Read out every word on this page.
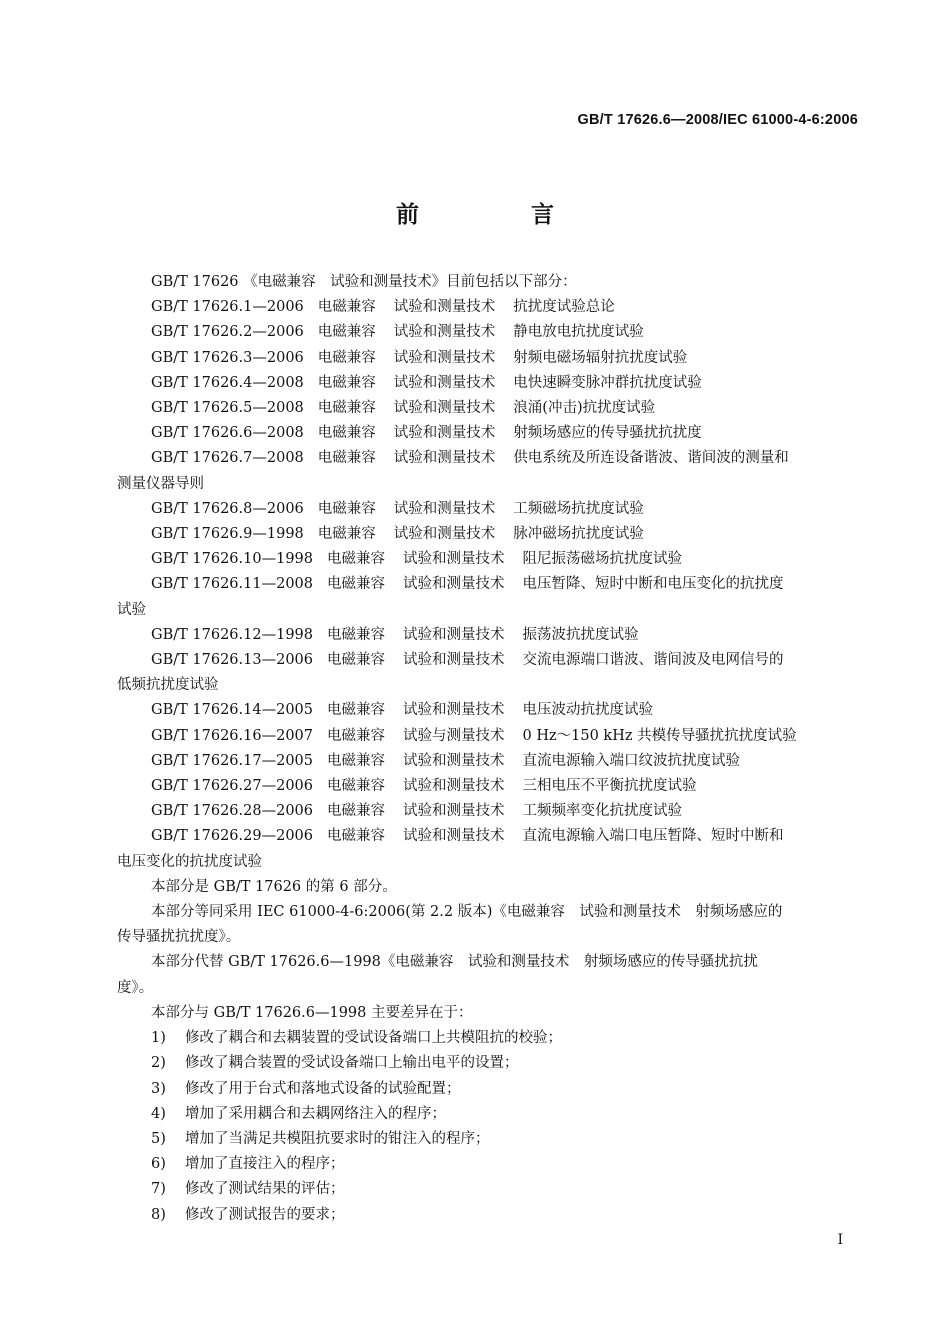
GB/T 17626.6—2008/IEC 61000-4-6:2006
前 言
GB/T 17626 《电磁兼容　试验和测量技术》目前包括以下部分：
GB/T 17626.1—2006 电磁兼容 试验和测量技术 抗扰度试验总论
GB/T 17626.2—2006 电磁兼容 试验和测量技术 静电放电抗扰度试验
GB/T 17626.3—2006 电磁兼容 试验和测量技术 射频电磁场辐射抗扰度试验
GB/T 17626.4—2008 电磁兼容 试验和测量技术 电快速瞬变脉冲群抗扰度试验
GB/T 17626.5—2008 电磁兼容 试验和测量技术 浪涌(冲击)抗扰度试验
GB/T 17626.6—2008 电磁兼容 试验和测量技术 射频场感应的传导骚扰抗扰度
GB/T 17626.7—2008 电磁兼容 试验和测量技术 供电系统及所连设备谐波、谐间波的测量和
测量仪器导则
GB/T 17626.8—2006 电磁兼容 试验和测量技术 工频磁场抗扰度试验
GB/T 17626.9—1998 电磁兼容 试验和测量技术 脉冲磁场抗扰度试验
GB/T 17626.10—1998 电磁兼容 试验和测量技术 阻尼振荡磁场抗扰度试验
GB/T 17626.11—2008 电磁兼容 试验和测量技术 电压暂降、短时中断和电压变化的抗扰度
试验
GB/T 17626.12—1998 电磁兼容 试验和测量技术 振荡波抗扰度试验
GB/T 17626.13—2006 电磁兼容 试验和测量技术 交流电源端口谐波、谐间波及电网信号的
低频抗扰度试验
GB/T 17626.14—2005 电磁兼容 试验和测量技术 电压波动抗扰度试验
GB/T 17626.16—2007 电磁兼容 试验与测量技术 0 Hz～150 kHz 共模传导骚扰抗扰度试验
GB/T 17626.17—2005 电磁兼容 试验和测量技术 直流电源输入端口纹波抗扰度试验
GB/T 17626.27—2006 电磁兼容 试验和测量技术 三相电压不平衡抗扰度试验
GB/T 17626.28—2006 电磁兼容 试验和测量技术 工频频率变化抗扰度试验
GB/T 17626.29—2006 电磁兼容 试验和测量技术 直流电源输入端口电压暂降、短时中断和
电压变化的抗扰度试验
本部分是 GB/T 17626 的第 6 部分。
本部分等同采用 IEC 61000-4-6:2006(第 2.2 版本)《电磁兼容　试验和测量技术　射频场感应的
传导骚扰抗扰度》。
本部分代替 GB/T 17626.6—1998《电磁兼容　试验和测量技术　射频场感应的传导骚扰抗扰
度》。
本部分与 GB/T 17626.6—1998 主要差异在于：
1)	修改了耦合和去耦装置的受试设备端口上共模阻抗的校验；
2)	修改了耦合装置的受试设备端口上输出电平的设置；
3)	修改了用于台式和落地式设备的试验配置；
4)	增加了采用耦合和去耦网络注入的程序；
5)	增加了当满足共模阻抗要求时的钳注入的程序；
6)	增加了直接注入的程序；
7)	修改了测试结果的评估；
8)	修改了测试报告的要求；
I
